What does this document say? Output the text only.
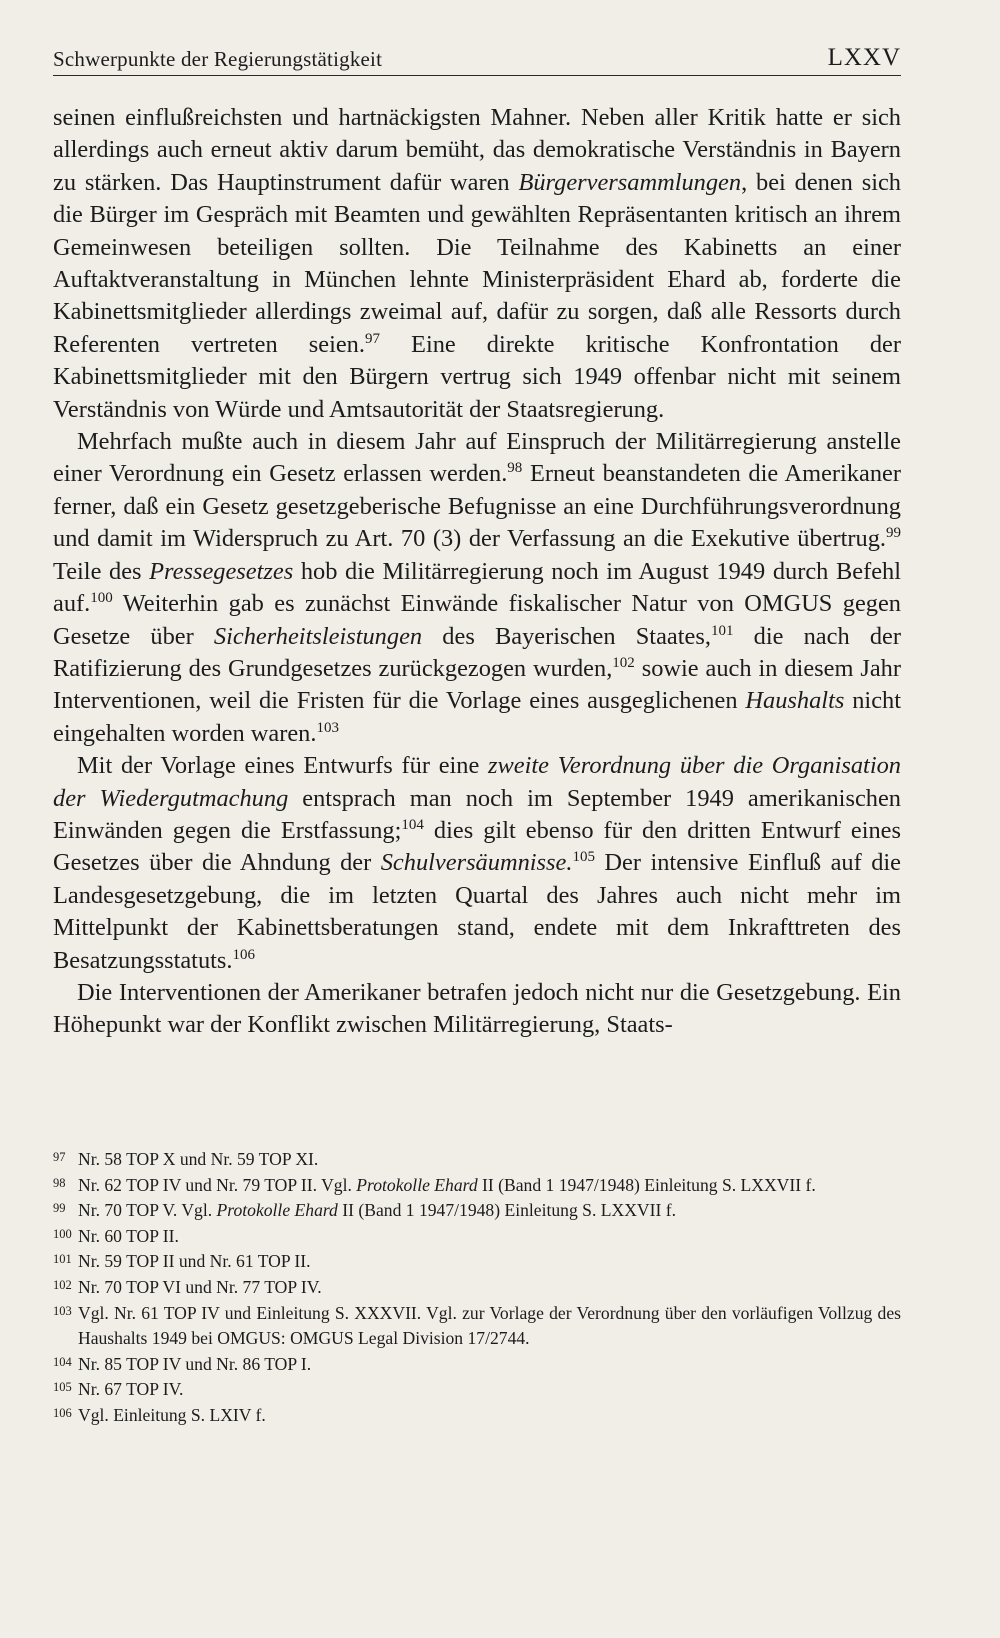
Schwerpunkte der Regierungstätigkeit	LXXV

seinen einflußreichsten und hartnäckigsten Mahner. Neben aller Kritik hatte er sich allerdings auch erneut aktiv darum bemüht, das demokratische Verständnis in Bayern zu stärken. Das Hauptinstrument dafür waren Bürgerversammlungen, bei denen sich die Bürger im Gespräch mit Beamten und gewählten Repräsentanten kritisch an ihrem Gemeinwesen beteiligen sollten. Die Teilnahme des Kabinetts an einer Auftaktveranstaltung in München lehnte Ministerpräsident Ehard ab, forderte die Kabinettsmitglieder allerdings zweimal auf, dafür zu sorgen, daß alle Ressorts durch Referenten vertreten seien.$^{97}$ Eine direkte kritische Konfrontation der Kabinettsmitglieder mit den Bürgern vertrug sich 1949 offenbar nicht mit seinem Verständnis von Würde und Amtsautorität der Staatsregierung.

Mehrfach mußte auch in diesem Jahr auf Einspruch der Militärregierung anstelle einer Verordnung ein Gesetz erlassen werden.$^{98}$ Erneut beanstandeten die Amerikaner ferner, daß ein Gesetz gesetzgeberische Befugnisse an eine Durchführungsverordnung und damit im Widerspruch zu Art. 70 (3) der Verfassung an die Exekutive übertrug.$^{99}$ Teile des Pressegesetzes hob die Militärregierung noch im August 1949 durch Befehl auf.$^{100}$ Weiterhin gab es zunächst Einwände fiskalischer Natur von OMGUS gegen Gesetze über Sicherheitsleistungen des Bayerischen Staates,$^{101}$ die nach der Ratifizierung des Grundgesetzes zurückgezogen wurden,$^{102}$ sowie auch in diesem Jahr Interventionen, weil die Fristen für die Vorlage eines ausgeglichenen Haushalts nicht eingehalten worden waren.$^{103}$

Mit der Vorlage eines Entwurfs für eine zweite Verordnung über die Organisation der Wiedergutmachung entsprach man noch im September 1949 amerikanischen Einwänden gegen die Erstfassung;$^{104}$ dies gilt ebenso für den dritten Entwurf eines Gesetzes über die Ahndung der Schulversäumnisse.$^{105}$ Der intensive Einfluß auf die Landesgesetzgebung, die im letzten Quartal des Jahres auch nicht mehr im Mittelpunkt der Kabinettsberatungen stand, endete mit dem Inkrafttreten des Besatzungsstatuts.$^{106}$

Die Interventionen der Amerikaner betrafen jedoch nicht nur die Gesetzgebung. Ein Höhepunkt war der Konflikt zwischen Militärregierung, Staats-

97 Nr. 58 TOP X und Nr. 59 TOP XI.
98 Nr. 62 TOP IV und Nr. 79 TOP II. Vgl. Protokolle Ehard II (Band 1 1947/1948) Einleitung S. LXXVII f.
99 Nr. 70 TOP V. Vgl. Protokolle Ehard II (Band 1 1947/1948) Einleitung S. LXXVII f.
100 Nr. 60 TOP II.
101 Nr. 59 TOP II und Nr. 61 TOP II.
102 Nr. 70 TOP VI und Nr. 77 TOP IV.
103 Vgl. Nr. 61 TOP IV und Einleitung S. XXXVII. Vgl. zur Vorlage der Verordnung über den vorläufigen Vollzug des Haushalts 1949 bei OMGUS: OMGUS Legal Division 17/2744.
104 Nr. 85 TOP IV und Nr. 86 TOP I.
105 Nr. 67 TOP IV.
106 Vgl. Einleitung S. LXIV f.
